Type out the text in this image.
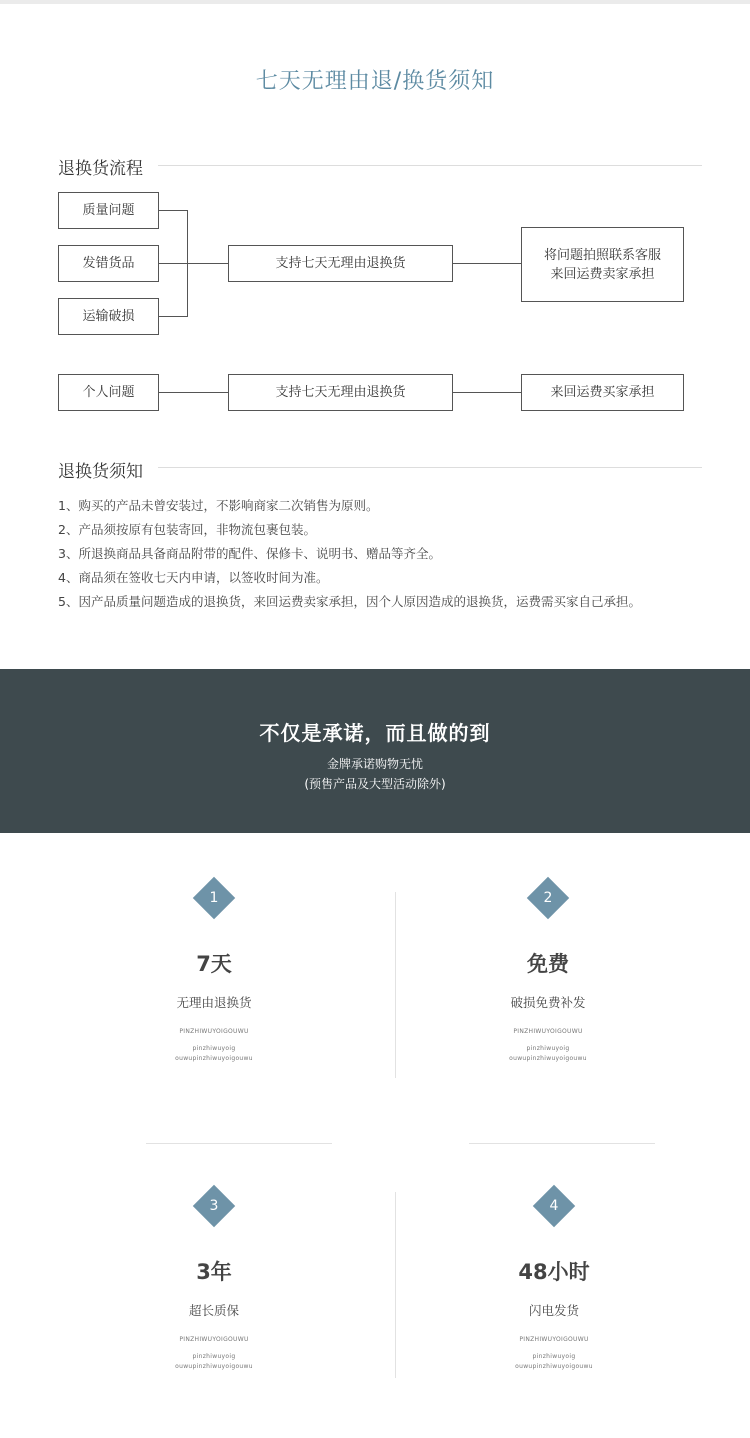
七天无理由退/换货须知
退换货流程
质量问题
发错货品
运输破损
支持七天无理由退换货
将问题拍照联系客服
来回运费卖家承担
个人问题	支持七天无理由退换货	来回运费买家承担
退换货须知
1、购买的产品未曾安装过，不影响商家二次销售为原则。
2、产品须按原有包装寄回，非物流包裹包装。
3、所退换商品具备商品附带的配件、保修卡、说明书、赠品等齐全。
4、商品须在签收七天内申请，以签收时间为准。
5、因产品质量问题造成的退换货，来回运费卖家承担，因个人原因造成的退换货，运费需买家自己承担。
不仅是承诺，而且做的到
金牌承诺购物无忧
(预售产品及大型活动除外)
1
7天
无理由退换货
PINZHIWUYOIGOUWU
pinzhiwuyoig
ouwupinzhiwuyoigouwu
2
免费
破损免费补发
PINZHIWUYOIGOUWU
pinzhiwuyoig
ouwupinzhiwuyoigouwu
3
3年
超长质保
PINZHIWUYOIGOUWU
pinzhiwuyoig
ouwupinzhiwuyoigouwu
4
48小时
闪电发货
PINZHIWUYOIGOUWU
pinzhiwuyoig
ouwupinzhiwuyoigouwu
